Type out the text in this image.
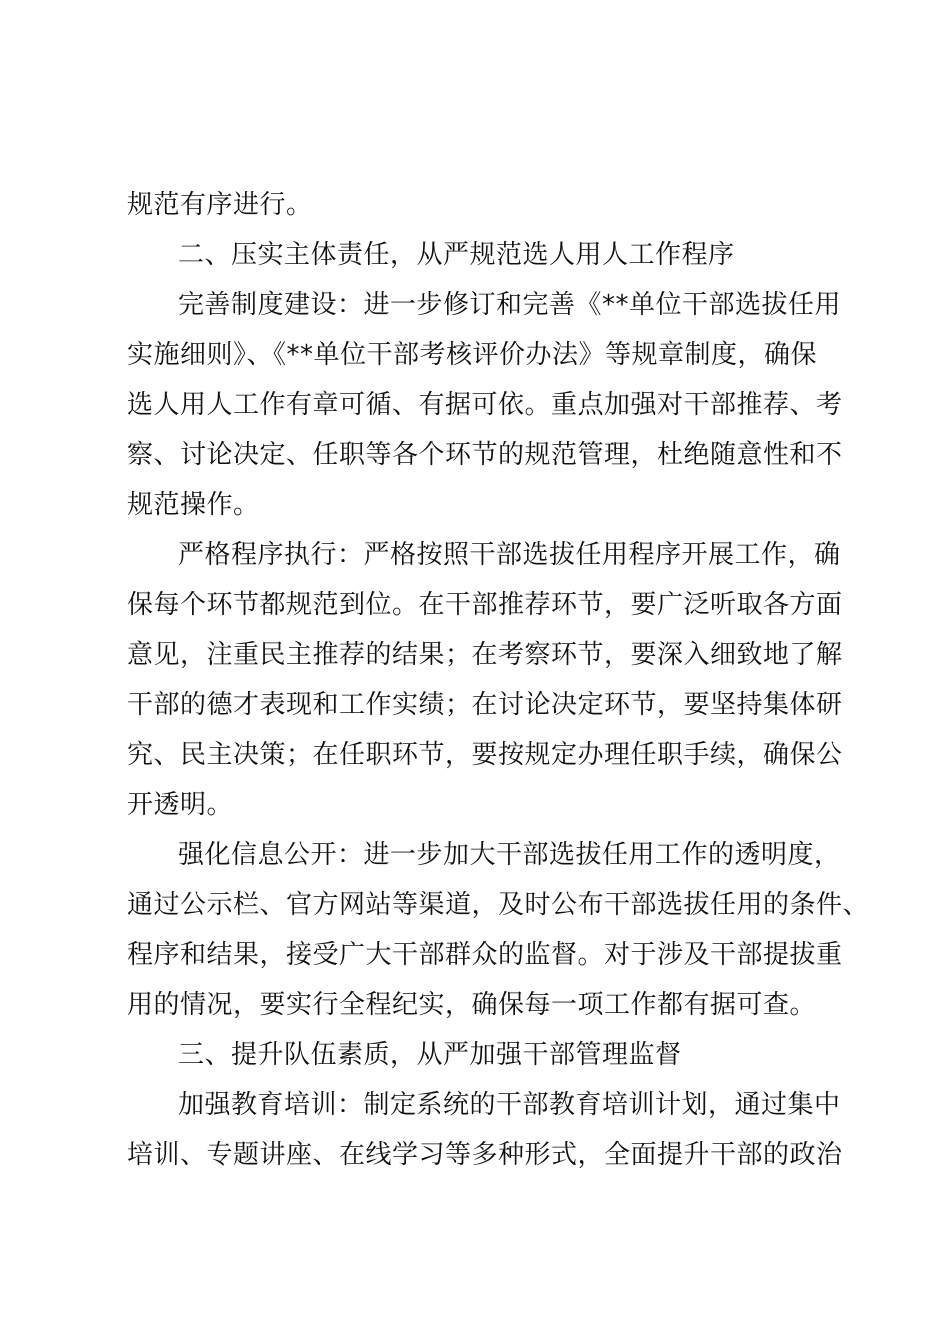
规范有序进行。
二、压实主体责任，从严规范选人用人工作程序
完善制度建设：进一步修订和完善《**单位干部选拔任用
实施细则》、《**单位干部考核评价办法》等规章制度，确保
选人用人工作有章可循、有据可依。重点加强对干部推荐、考
察、讨论决定、任职等各个环节的规范管理，杜绝随意性和不
规范操作。
严格程序执行：严格按照干部选拔任用程序开展工作，确
保每个环节都规范到位。在干部推荐环节，要广泛听取各方面
意见，注重民主推荐的结果；在考察环节，要深入细致地了解
干部的德才表现和工作实绩；在讨论决定环节，要坚持集体研
究、民主决策；在任职环节，要按规定办理任职手续，确保公
开透明。
强化信息公开：进一步加大干部选拔任用工作的透明度，
通过公示栏、官方网站等渠道，及时公布干部选拔任用的条件、
程序和结果，接受广大干部群众的监督。对于涉及干部提拔重
用的情况，要实行全程纪实，确保每一项工作都有据可查。
三、提升队伍素质，从严加强干部管理监督
加强教育培训：制定系统的干部教育培训计划，通过集中
培训、专题讲座、在线学习等多种形式，全面提升干部的政治
